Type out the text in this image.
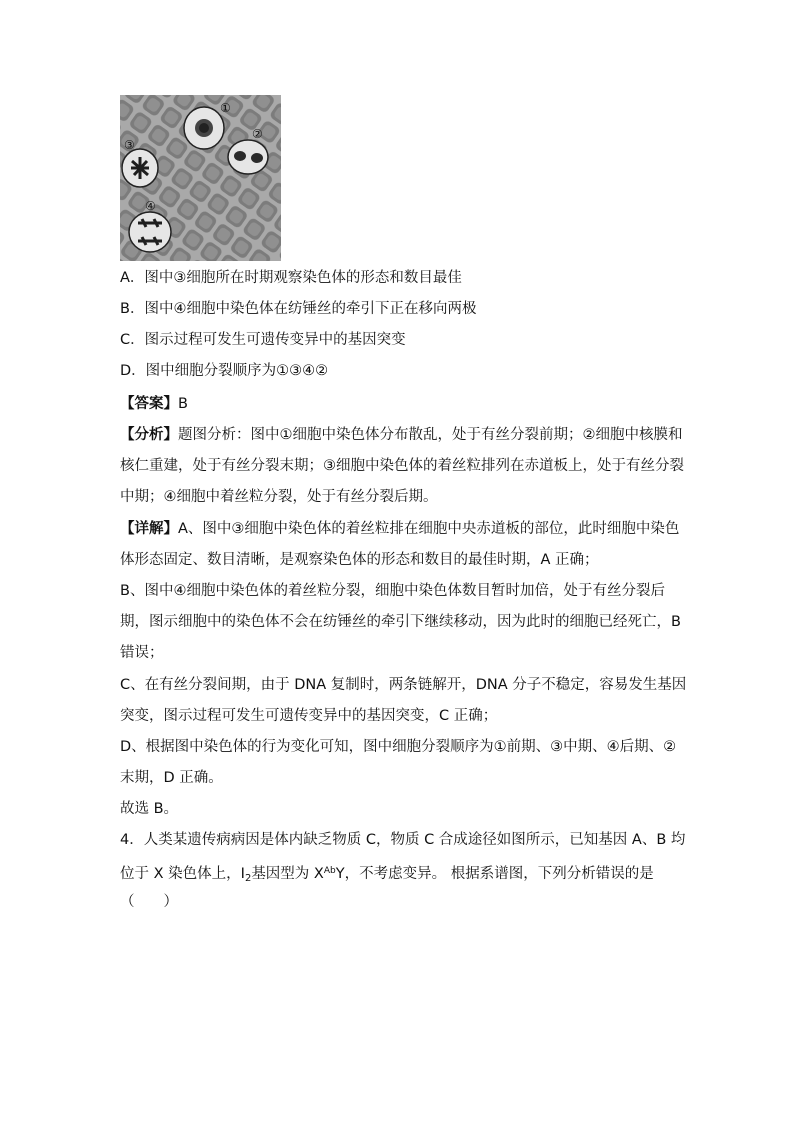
①
②
③
④
A．图中③细胞所在时期观察染色体的形态和数目最佳
B．图中④细胞中染色体在纺锤丝的牵引下正在移向两极
C．图示过程可发生可遗传变异中的基因突变
D．图中细胞分裂顺序为①③④②
【答案】B
【分析】题图分析：图中①细胞中染色体分布散乱，处于有丝分裂前期；②细胞中核膜和
核仁重建，处于有丝分裂末期；③细胞中染色体的着丝粒排列在赤道板上，处于有丝分裂
中期；④细胞中着丝粒分裂，处于有丝分裂后期。
【详解】A、图中③细胞中染色体的着丝粒排在细胞中央赤道板的部位，此时细胞中染色
体形态固定、数目清晰，是观察染色体的形态和数目的最佳时期，A 正确；
B、图中④细胞中染色体的着丝粒分裂，细胞中染色体数目暂时加倍，处于有丝分裂后
期，图示细胞中的染色体不会在纺锤丝的牵引下继续移动，因为此时的细胞已经死亡，B
错误；
C、在有丝分裂间期，由于 DNA 复制时，两条链解开，DNA 分子不稳定，容易发生基因
突变，图示过程可发生可遗传变异中的基因突变，C 正确；
D、根据图中染色体的行为变化可知，图中细胞分裂顺序为①前期、③中期、④后期、②
末期，D 正确。
故选 B。
4．人类某遗传病病因是体内缺乏物质 C，物质 C 合成途径如图所示，已知基因 A、B 均
位于 X 染色体上，$I_2$基因型为 $X^{Ab}Y$，不考虑变异。 根据系谱图，下列分析错误的是
（　　）
